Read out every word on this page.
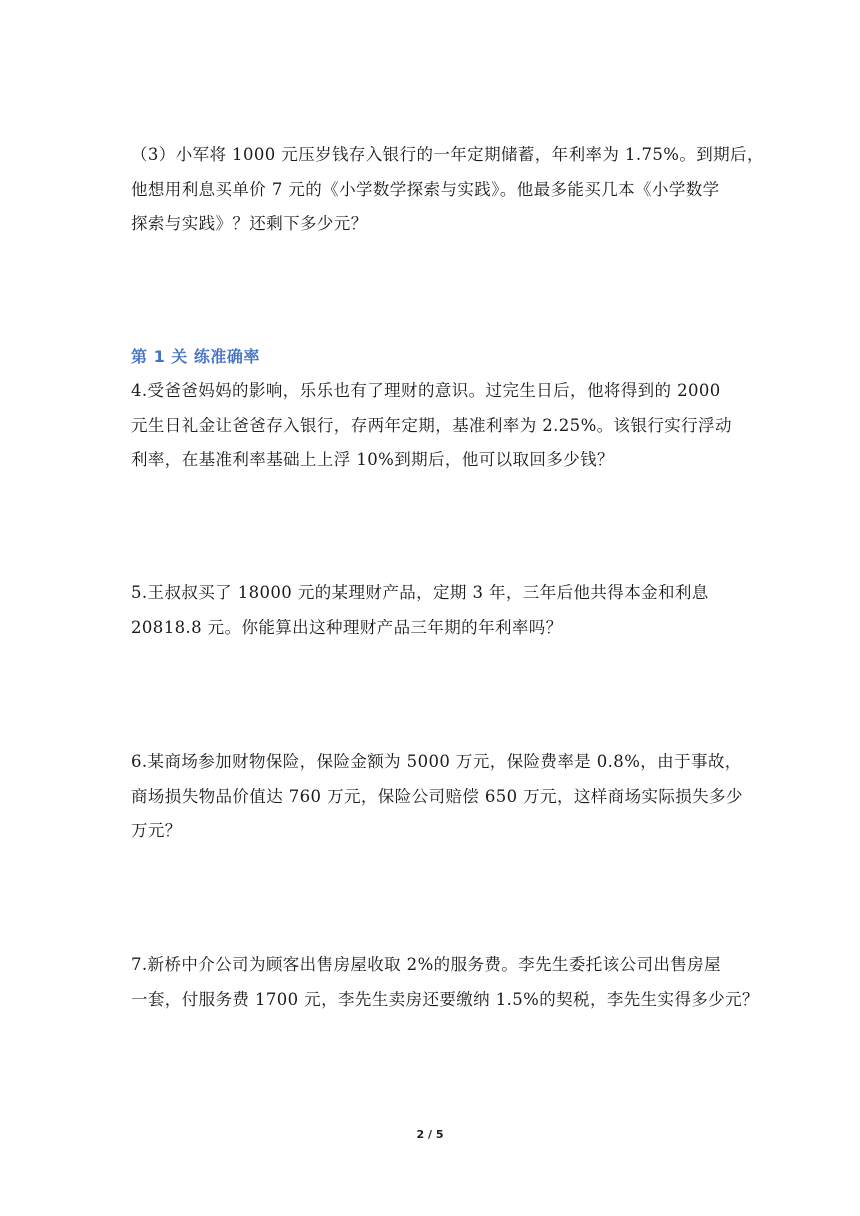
（3）小军将 1000 元压岁钱存入银行的一年定期储蓄，年利率为 1.75%。到期后，
他想用利息买单价 7 元的《小学数学探索与实践》。他最多能买几本《小学数学
探索与实践》？还剩下多少元？

第 1 关 练准确率

4.受爸爸妈妈的影响，乐乐也有了理财的意识。过完生日后，他将得到的 2000
元生日礼金让爸爸存入银行，存两年定期，基准利率为 2.25%。该银行实行浮动
利率，在基准利率基础上上浮 10%到期后，他可以取回多少钱？

5.王叔叔买了 18000 元的某理财产品，定期 3 年，三年后他共得本金和利息
20818.8 元。你能算出这种理财产品三年期的年利率吗？

6.某商场参加财物保险，保险金额为 5000 万元，保险费率是 0.8%，由于事故，
商场损失物品价值达 760 万元，保险公司赔偿 650 万元，这样商场实际损失多少
万元？

7.新桥中介公司为顾客出售房屋收取 2%的服务费。李先生委托该公司出售房屋
一套，付服务费 1700 元，李先生卖房还要缴纳 1.5%的契税，李先生实得多少元？

2 / 5
